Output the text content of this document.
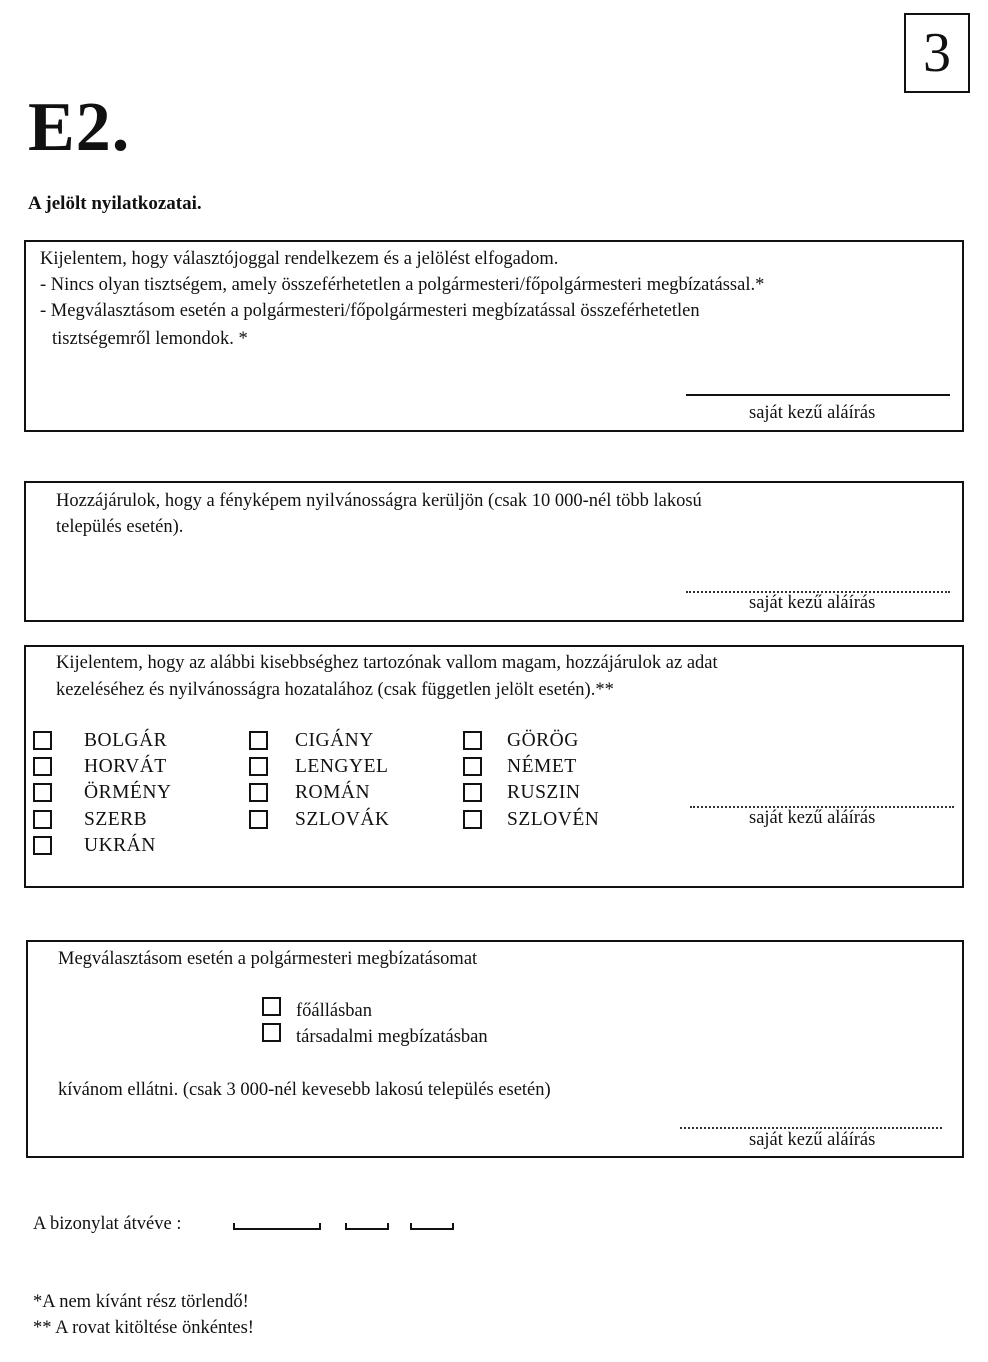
3
E2.
A jelölt nyilatkozatai.
Kijelentem, hogy választójoggal rendelkezem és a jelölést elfogadom.
- Nincs olyan tisztségem, amely összeférhetetlen a polgármesteri/főpolgármesteri megbízatással.*
- Megválasztásom esetén a polgármesteri/főpolgármesteri megbízatással összeférhetetlen
tisztségemről lemondok. *
saját kezű aláírás
Hozzájárulok, hogy a fényképem nyilvánosságra kerüljön (csak 10 000-nél több lakosú
település esetén).
saját kezű aláírás
Kijelentem, hogy az alábbi kisebbséghez tartozónak vallom magam, hozzájárulok az adat
kezeléséhez és nyilvánosságra hozatalához (csak független jelölt esetén).**
BOLGÁR
HORVÁT
ÖRMÉNY
SZERB
UKRÁN
CIGÁNY
LENGYEL
ROMÁN
SZLOVÁK
GÖRÖG
NÉMET
RUSZIN
SZLOVÉN	saját kezű aláírás
Megválasztásom esetén a polgármesteri megbízatásomat
főállásban
társadalmi megbízatásban
kívánom ellátni. (csak 3 000-nél kevesebb lakosú település esetén)
saját kezű aláírás
A bizonylat átvéve :
*A nem kívánt rész törlendő!
** A rovat kitöltése önkéntes!
